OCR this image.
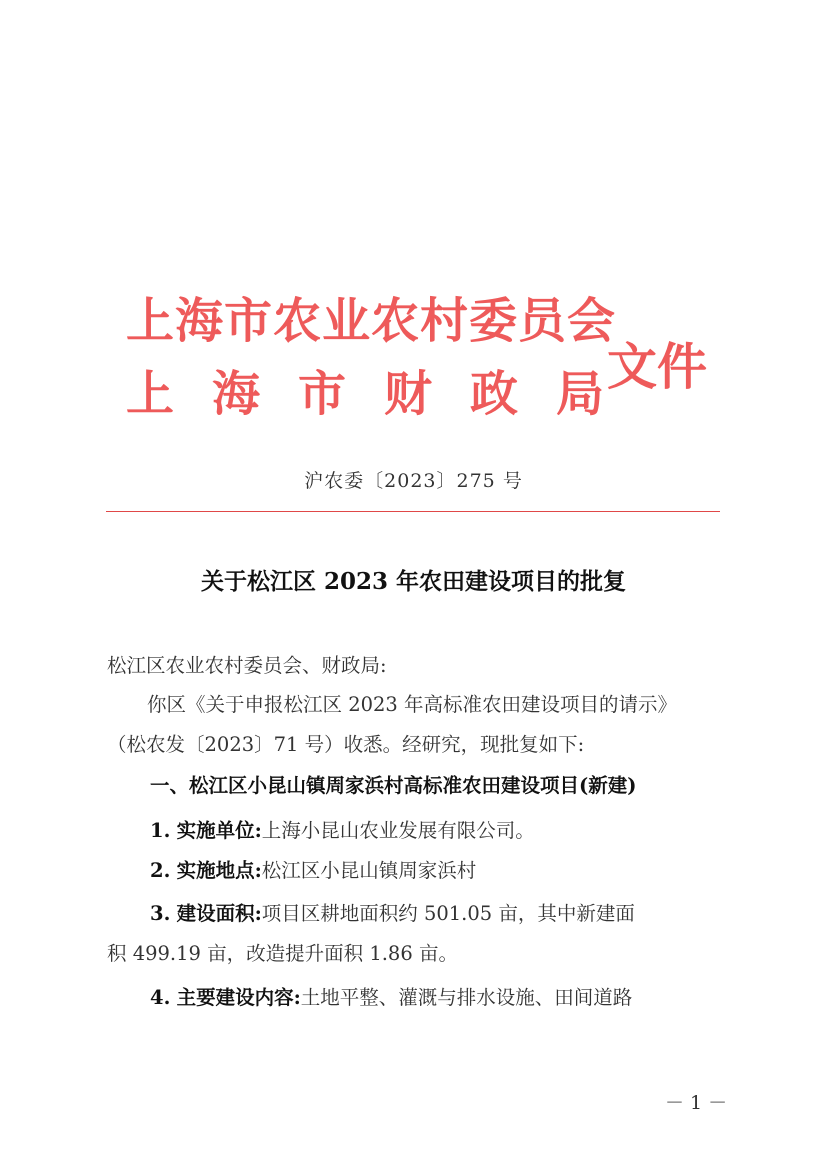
上海市农业农村委员会
上海市财政局
文件
沪农委〔2023〕275 号
关于松江区 2023 年农田建设项目的批复
松江区农业农村委员会、财政局:
你区《关于申报松江区 2023 年高标准农田建设项目的请示》
（松农发〔2023〕71 号）收悉。经研究，现批复如下:
一、松江区小昆山镇周家浜村高标准农田建设项目(新建)
1. 实施单位:上海小昆山农业发展有限公司。
2. 实施地点:松江区小昆山镇周家浜村
3. 建设面积:项目区耕地面积约 501.05 亩，其中新建面
积 499.19 亩，改造提升面积 1.86 亩。
4. 主要建设内容:土地平整、灌溉与排水设施、田间道路
－ 1 －
